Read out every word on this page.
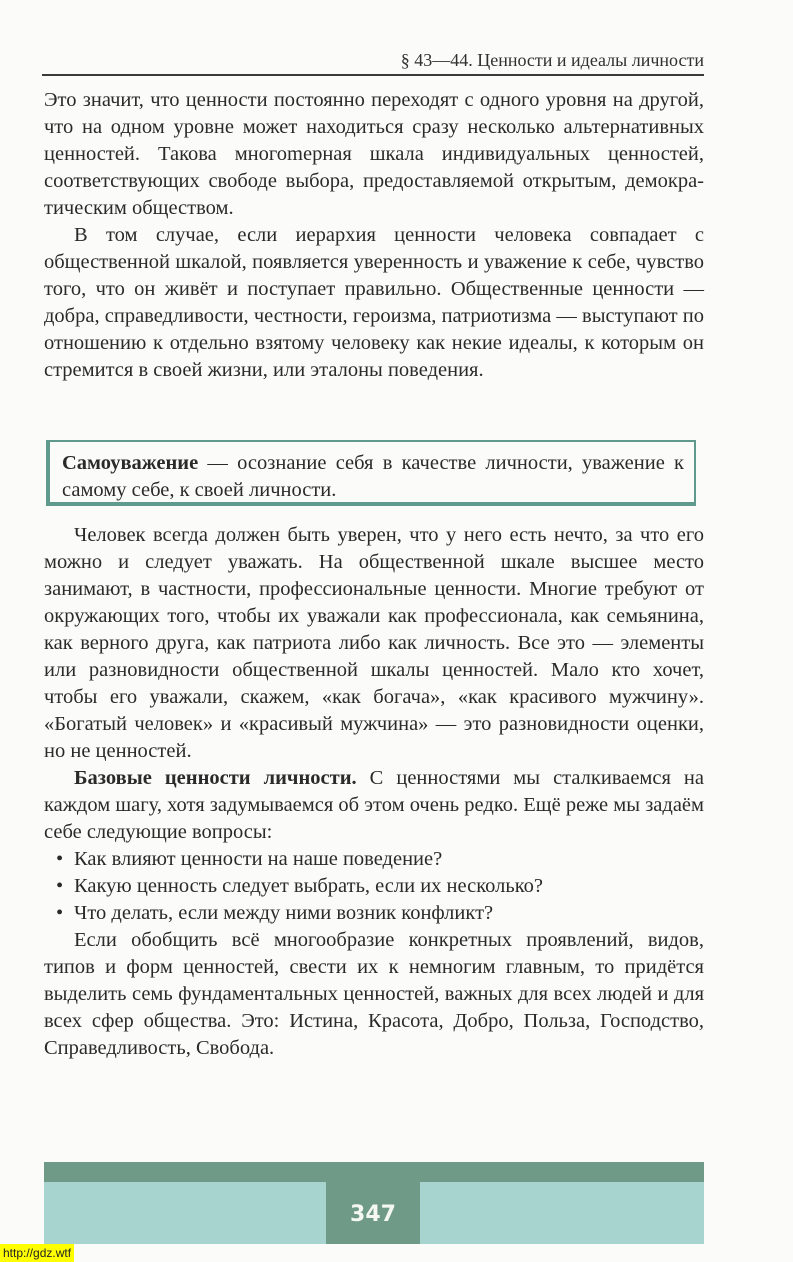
§ 43—44. Ценности и идеалы личности

Это значит, что ценности постоянно переходят с одного уровня на другой, что на одном уровне может находиться сразу несколько альтернативных ценностей. Такова многоmерная шкала индивидуальных ценностей, соответствующих свободе выбора, предоставляемой открытым, демократическим обществом.

В том случае, если иерархия ценности человека совпадает с общественной шкалой, появляется уверенность и уважение к себе, чувство того, что он живёт и поступает правильно. Общественные ценности — добра, справедливости, честности, героизма, патриотизма — выступают по отношению к отдельно взятому человеку как некие идеалы, к которым он стремится в своей жизни, или эталоны поведения.

Самоуважение — осознание себя в качестве личности, уважение к самому себе, к своей личности.

Человек всегда должен быть уверен, что у него есть нечто, за что его можно и следует уважать. На общественной шкале высшее место занимают, в частности, профессиональные ценности. Многие требуют от окружающих того, чтобы их уважали как профессионала, как семьянина, как верного друга, как патриота либо как личность. Все это — элементы или разновидности общественной шкалы ценностей. Мало кто хочет, чтобы его уважали, скажем, «как богача», «как красивого мужчину». «Богатый человек» и «красивый мужчина» — это разновидности оценки, но не ценностей.

Базовые ценности личности. С ценностями мы сталкиваемся на каждом шагу, хотя задумываемся об этом очень редко. Ещё реже мы задаём себе следующие вопросы:

• Как влияют ценности на наше поведение?
• Какую ценность следует выбрать, если их несколько?
• Что делать, если между ними возник конфликт?

Если обобщить всё многообразие конкретных проявлений, видов, типов и форм ценностей, свести их к немногим главным, то придётся выделить семь фундаментальных ценностей, важных для всех людей и для всех сфер общества. Это: Истина, Красота, Добро, Польза, Господство, Справедливость, Свобода.

347
http://gdz.wtf
